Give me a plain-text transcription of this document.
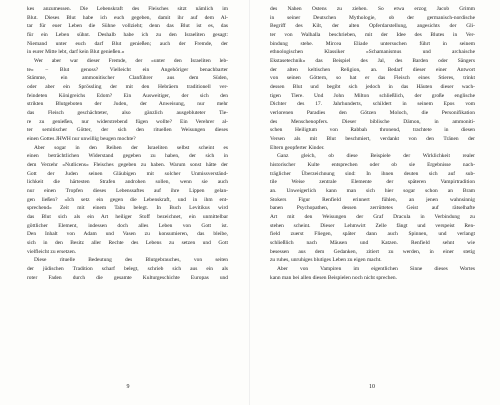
kes anzumessen. Die Lebenskraft des Fleisches sitzt nämlich im
Blut. Dieses Blut habe ich euch gegeben, damit ihr auf dem Al-
tar für euer Leben die Sühne vollzieht; denn das Blut ist es, das
für ein Leben sühnt. Deshalb habe ich zu den Israeliten gesagt:
Niemand unter euch darf Blut genießen; auch der Fremde, der
in eurer Mitte lebt, darf kein Blut genießen.«
Wer aber war dieser Fremde, der »unter den Israeliten leb-
te« – Blut genoss? Vielleicht ein Angehöriger benachbarter
Stämme, ein ammonitischer Clanführer aus dem Süden,
oder aber ein Sprössling der mit den Hebräern traditionell ver-
feindeten Königreichs Edom? Ein Ausweitiger, der sich den
strikten Blutgeboten der Juden, der Anweisung, nur mehr
das Fleisch geschächteter, also gänzlich ausgebluteter Tie-
re zu genießen, nur widerstrebend fügen wollte? Ein Verehrer al-
ter semitischer Götter, der sich den rituellen Weisungen dieses
einen Gottes JHWH nur unwillig beugen mochte?
Aber sogar in den Reihen der Israeliten selbst scheint es
einen beträchtlichen Widerstand gegeben zu haben, der sich in
dem Verzehr »Nutlicens« Fleisches gegeben zu haben. Warum sonst hätte der
Gott der Juden seinen Gläubigen mit solcher Unmissverständ-
lichkeit die härtesten Strafen androhen sollen, wenn sie auch
nur einen Tropfen dieses Lebenssaftes auf ihre Lippen gelan-
gen ließen? »Ich setz ein gegen die Lebenskraft, und in ihm ent-
sprechend« Zeit mit einem Tabu belegt. In Buch Levitikus wird
das Blut sich als ein Art heiliger Stoff bezeichnet, ein unmittelbar
göttlicher Element, indessen doch alles Leben von Gott ist.
Den Inhalt von Adam und Vasen zu konsumieren, das bleibe,
sich in den Besitz aller Rechte des Lebens zu setzen und Gott
vielfleicht zu ersetzen.
Diese rituelle Bedeutung des Blutgebrauches, von seiten
der jüdischen Tradition scharf belegt, schrieb sich aus ein als
roter Faden durch die gesamte Kulturgeschichte Europas und
9
des Nahen Ostens zu ziehen. So etwa erzog Jacob Grimm
in seiner Deutschen Mythologie, ob der germanisch-nordische
Begriff des Kilt, der alten Opferdarstellung, angesichts der Gli-
ter von Walhalla beschrieben, mit der Idee des Blutes in Ver-
bindung stehe. Mircea Eliade untersuchen führt in seinem
ethnologischen Klassiker »Schamanismus und archaische
Ekstasetechnik« das Beispiel des Jal, des Barden oder Sängers
der alten keltischen Religion, an. Bedarf dieser einer Antwort
von seinen Göttern, so hat er das Fleisch eines Stieres, trinkt
dessen Blut und begibt sich jedoch in das Häuten dieser wach-
tigen Tiere. Und John Milton schließlich, der große englische
Dichter des 17. Jahrhunderts, schildert in seinem Epos vom
verlorenen Paradies den Götzen Moloch, die Personifikation
des Menschenopfers. Dieser biblische Dämon, in ammoniti-
schen Heiligtum von Rabbah thronend, trachtete in diesen
Versen als mit Blut beschmiert, verdankt von den Tränen der
Eltern geopferter Kinder.
Ganz gleich, ob diese Beispiele der Wirklichkeit realer
historischer Kulte entsprechen oder ob sie Ergebnisse nach-
träglicher Überzeichnung sind: In ihnen deuten sich auf sub-
tile Weise zentrale Elemente der späteren Vampirtradition
an. Unweigerlich kann man sich hier sogar schon an Bram
Stokers Figur Renfield erinnert fühlen, an jenen wahnsinnig
banen Psychopathen, dessen zerrüttetes Geist auf rätselhafte
Art mit den Weisungen der Graf Dracula in Verbindung zu
stehen scheint. Dieser Lehmwirt Zelle fängt und verspeist Ren-
field zuerst Fliegen, später dann auch Spinnen, und verlangt
schließlich nach Mäusen und Katzen. Renfield sehnt wie
besessen aus dem Gedanken, zitiert zu werden, in einer stetig
zu ruhes, unruhiges blutiges Leben zu eigen macht.
Aber von Vampiren im eigentlichen Sinne dieses Wortes
kann man bei allen diesen Beispielen noch nicht sprechen.
10
